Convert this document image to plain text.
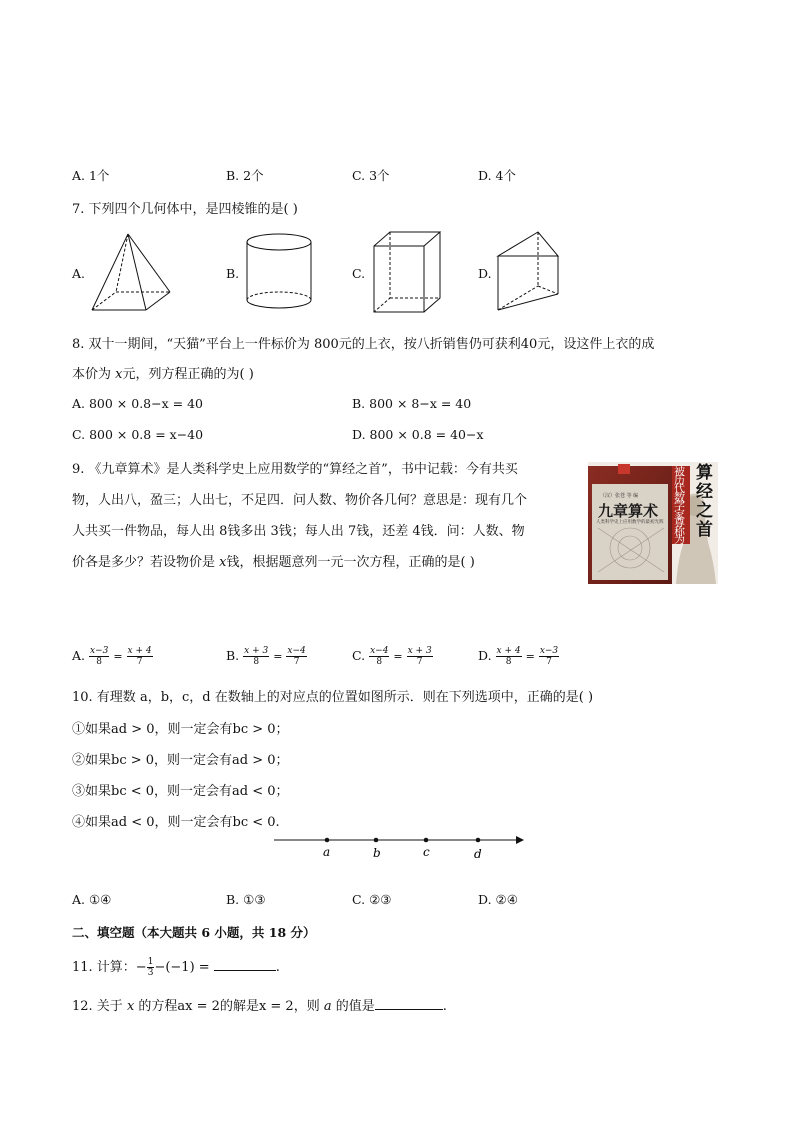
A. 1个	B. 2个	C. 3个	D. 4个
7. 下列四个几何体中，是四棱锥的是( )
A.	B.	C.	D.
8. 双十一期间，“天猫”平台上一件标价为 800元的上衣，按八折销售仍可获利40元，设这件上衣的成
本价为 x元，列方程正确的为( )
A. 800 × 0.8−x = 40	B. 800 × 8−x = 40
C. 800 × 0.8 = x−40	D. 800 × 0.8 = 40−x
9. 《九章算术》是人类科学史上应用数学的“算经之首”，书中记载：今有共买
物，人出八，盈三；人出七，不足四．问人数、物价各几何？意思是：现有几个
人共买一件物品，每人出 8钱多出 3钱；每人出 7钱，还差 4钱．问：人数、物
价各是多少？若设物价是 x钱，根据题意列一元一次方程，正确的是( )
（汉）张苍 等 编
九章算术
人类科学史上应用数学的最初光辉
被历代数学家尊称为
算经之首
A. $\frac{x-3}{8} = \frac{x + 4}{7}$	B. $\frac{x + 3}{8} = \frac{x-4}{7}$	C. $\frac{x-4}{8} = \frac{x + 3}{7}$	D. $\frac{x + 4}{8} = \frac{x-3}{7}$
10. 有理数 a，b，c，d 在数轴上的对应点的位置如图所示．则在下列选项中，正确的是( )
①如果ad > 0，则一定会有bc > 0；
②如果bc > 0，则一定会有ad > 0；
③如果bc < 0，则一定会有ad < 0；
④如果ad < 0，则一定会有bc < 0.
a	b	c	d
A. ①④	B. ①③	C. ②③	D. ②④
二、填空题（本大题共 6 小题，共 18 分）
11. 计算：− $\frac{1}{3} -(-1)$ =	.
12. 关于 x 的方程ax = 2的解是x = 2，则 a 的值是	.
